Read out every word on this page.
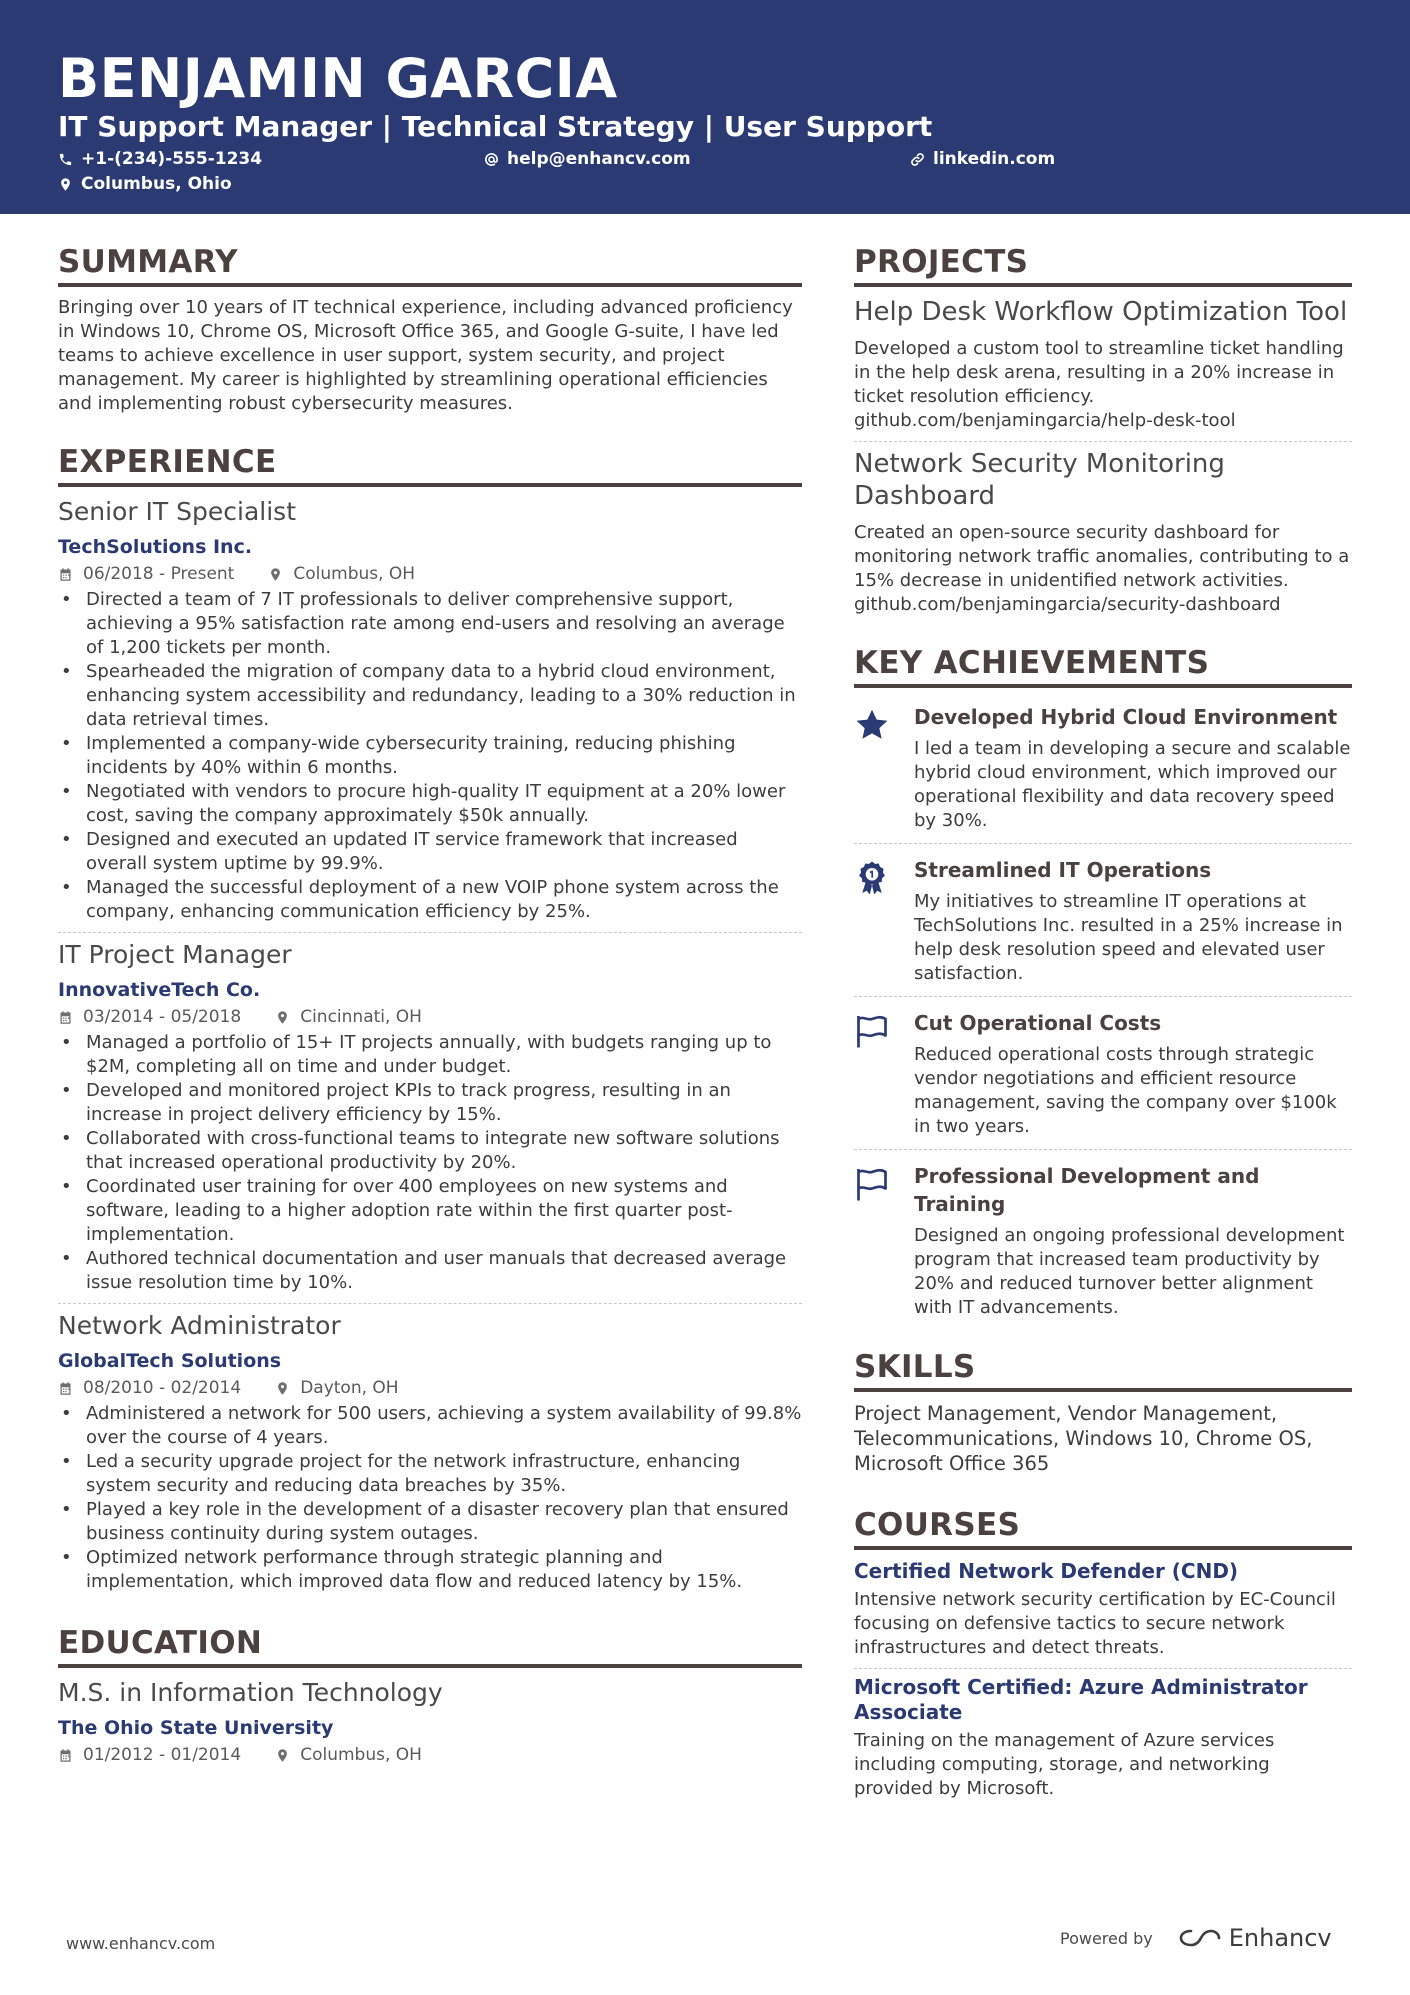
BENJAMIN GARCIA
IT Support Manager | Technical Strategy | User Support
+1-(234)-555-1234	help@enhancv.com	linkedin.com
Columbus, Ohio
SUMMARY
Bringing over 10 years of IT technical experience, including advanced proficiency in Windows 10, Chrome OS, Microsoft Office 365, and Google G-suite, I have led teams to achieve excellence in user support, system security, and project management. My career is highlighted by streamlining operational efficiencies and implementing robust cybersecurity measures.
EXPERIENCE
Senior IT Specialist
TechSolutions Inc.
06/2018 - Present	Columbus, OH
• Directed a team of 7 IT professionals to deliver comprehensive support, achieving a 95% satisfaction rate among end-users and resolving an average of 1,200 tickets per month.
• Spearheaded the migration of company data to a hybrid cloud environment, enhancing system accessibility and redundancy, leading to a 30% reduction in data retrieval times.
• Implemented a company-wide cybersecurity training, reducing phishing incidents by 40% within 6 months.
• Negotiated with vendors to procure high-quality IT equipment at a 20% lower cost, saving the company approximately $50k annually.
• Designed and executed an updated IT service framework that increased overall system uptime by 99.9%.
• Managed the successful deployment of a new VOIP phone system across the company, enhancing communication efficiency by 25%.
IT Project Manager
InnovativeTech Co.
03/2014 - 05/2018	Cincinnati, OH
• Managed a portfolio of 15+ IT projects annually, with budgets ranging up to $2M, completing all on time and under budget.
• Developed and monitored project KPIs to track progress, resulting in an increase in project delivery efficiency by 15%.
• Collaborated with cross-functional teams to integrate new software solutions that increased operational productivity by 20%.
• Coordinated user training for over 400 employees on new systems and software, leading to a higher adoption rate within the first quarter post-implementation.
• Authored technical documentation and user manuals that decreased average issue resolution time by 10%.
Network Administrator
GlobalTech Solutions
08/2010 - 02/2014	Dayton, OH
• Administered a network for 500 users, achieving a system availability of 99.8% over the course of 4 years.
• Led a security upgrade project for the network infrastructure, enhancing system security and reducing data breaches by 35%.
• Played a key role in the development of a disaster recovery plan that ensured business continuity during system outages.
• Optimized network performance through strategic planning and implementation, which improved data flow and reduced latency by 15%.
EDUCATION
M.S. in Information Technology
The Ohio State University
01/2012 - 01/2014	Columbus, OH
PROJECTS
Help Desk Workflow Optimization Tool
Developed a custom tool to streamline ticket handling in the help desk arena, resulting in a 20% increase in ticket resolution efficiency.
github.com/benjamingarcia/help-desk-tool
Network Security Monitoring Dashboard
Created an open-source security dashboard for monitoring network traffic anomalies, contributing to a 15% decrease in unidentified network activities.
github.com/benjamingarcia/security-dashboard
KEY ACHIEVEMENTS
Developed Hybrid Cloud Environment
I led a team in developing a secure and scalable hybrid cloud environment, which improved our operational flexibility and data recovery speed by 30%.
Streamlined IT Operations
My initiatives to streamline IT operations at TechSolutions Inc. resulted in a 25% increase in help desk resolution speed and elevated user satisfaction.
Cut Operational Costs
Reduced operational costs through strategic vendor negotiations and efficient resource management, saving the company over $100k in two years.
Professional Development and Training
Designed an ongoing professional development program that increased team productivity by 20% and reduced turnover better alignment with IT advancements.
SKILLS
Project Management, Vendor Management, Telecommunications, Windows 10, Chrome OS, Microsoft Office 365
COURSES
Certified Network Defender (CND)
Intensive network security certification by EC-Council focusing on defensive tactics to secure network infrastructures and detect threats.
Microsoft Certified: Azure Administrator Associate
Training on the management of Azure services including computing, storage, and networking provided by Microsoft.
www.enhancv.com	Powered by	Enhancv
